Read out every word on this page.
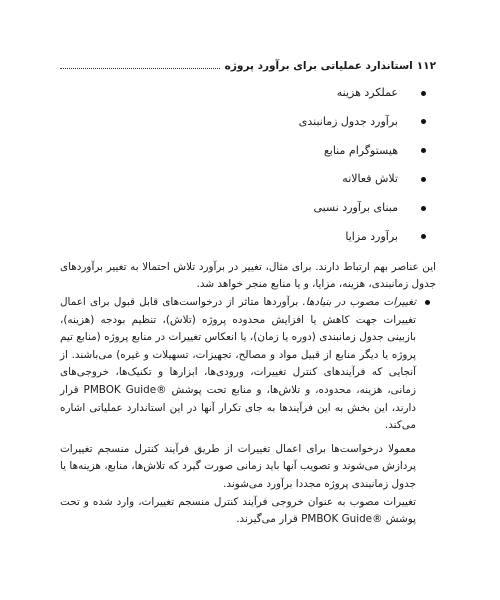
۱۱۲
استاندارد عملیاتی برای برآورد پروژه
عملکرد هزینه
برآورد جدول زمانبندی
هیستوگرام منابع
تلاش فعالانه
مبنای برآورد نسبی
برآورد مزایا

این عناصر بهم ارتباط دارند. برای مثال، تغییر در برآورد تلاش احتمالا به تغییر برآوردهای جدول زمانبندی، هزینه، مزایا، و یا منابع منجر خواهد شد.

تغییرات مصوب در بنیادها. برآوردها متاثر از درخواست‌های قابل قبول برای اعمال تغییرات جهت کاهش یا افزایش محدوده پروژه (تلاش)، تنظیم بودجه (هزینه)، بازبینی جدول زمانبندی (دوره یا زمان)، یا انعکاس تغییرات در منابع پروژه (منابع تیم پروژه یا دیگر منابع از قبیل مواد و مصالح، تجهیزات، تسهیلات و غیره) می‌باشند. از آنجایی که فرآیندهای کنترل تغییرات، ورودی‌ها، ابزارها و تکنیک‌ها، خروجی‌های زمانی، هزینه، محدوده، و تلاش‌ها، و منابع تحت پوشش ®PMBOK Guide قرار دارند، این بخش به این فرآیندها به جای تکرار آنها در این استاندارد عملیاتی اشاره می‌کند.

معمولا درخواست‌ها برای اعمال تغییرات از طریق فرآیند کنترل منسجم تغییرات پردازش می‌شوند و تصویب آنها باید زمانی صورت گیرد که تلاش‌ها، منابع، هزینه‌ها یا جدول زمانبندی پروژه مجددا برآورد می‌شوند.

تغییرات مصوب به عنوان خروجی فرآیند کنترل منسجم تغییرات، وارد شده و تحت پوشش ®PMBOK Guide قرار می‌گیرند.
